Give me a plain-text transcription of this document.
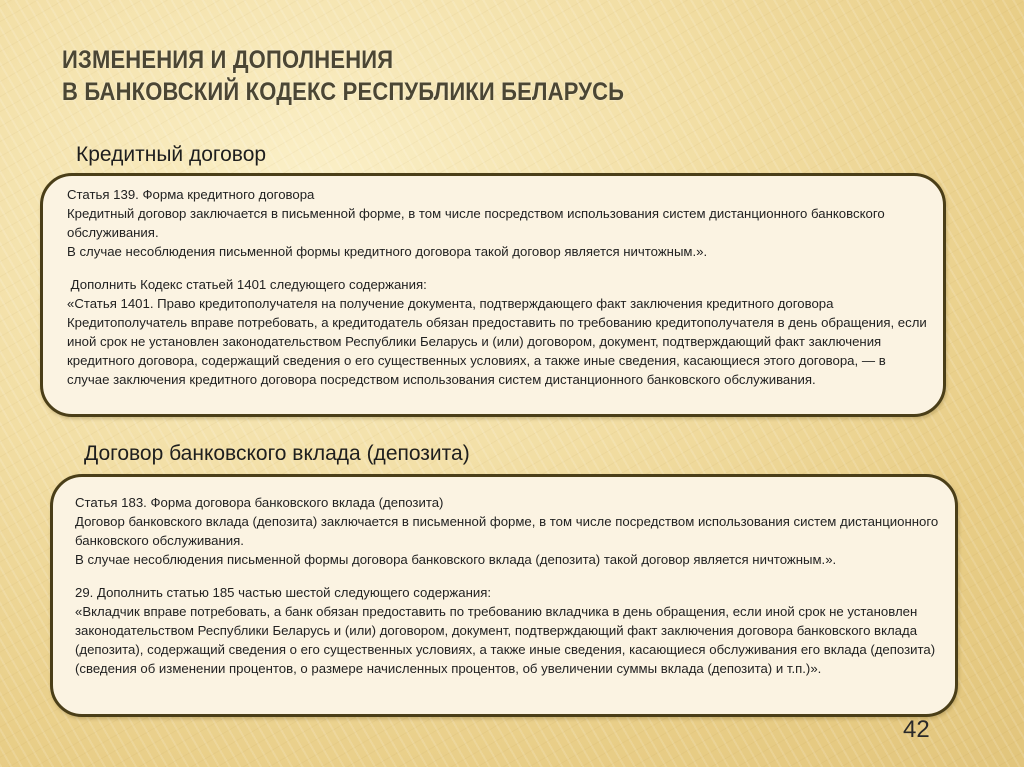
ИЗМЕНЕНИЯ И ДОПОЛНЕНИЯ
В БАНКОВСКИЙ КОДЕКС РЕСПУБЛИКИ БЕЛАРУСЬ
Кредитный договор

Статья 139. Форма кредитного договора

Кредитный договор заключается в письменной форме, в том числе посредством использования систем дистанционного банковского обслуживания.

В случае несоблюдения письменной формы кредитного договора такой договор является ничтожным.».

Дополнить Кодекс статьей 1401 следующего содержания:

«Статья 1401. Право кредитополучателя на получение документа, подтверждающего факт заключения кредитного договора

Кредитополучатель вправе потребовать, а кредитодатель обязан предоставить по требованию кредитополучателя в день обращения, если иной срок не установлен законодательством Республики Беларусь и (или) договором, документ, подтверждающий факт заключения кредитного договора, содержащий сведения о его существенных условиях, а также иные сведения, касающиеся этого договора, — в случае заключения кредитного договора посредством использования систем дистанционного банковского обслуживания.

Договор банковского вклада (депозита)

Статья 183. Форма договора банковского вклада (депозита)

Договор банковского вклада (депозита) заключается в письменной форме, в том числе посредством использования систем дистанционного банковского обслуживания.

В случае несоблюдения письменной формы договора банковского вклада (депозита) такой договор является ничтожным.».

29. Дополнить статью 185 частью шестой следующего содержания:

«Вкладчик вправе потребовать, а банк обязан предоставить по требованию вкладчика в день обращения, если иной срок не установлен законодательством Республики Беларусь и (или) договором, документ, подтверждающий факт заключения договора банковского вклада (депозита), содержащий сведения о его существенных условиях, а также иные сведения, касающиеся обслуживания его вклада (депозита) (сведения об изменении процентов, о размере начисленных процентов, об увеличении суммы вклада (депозита) и т.п.)».

42
